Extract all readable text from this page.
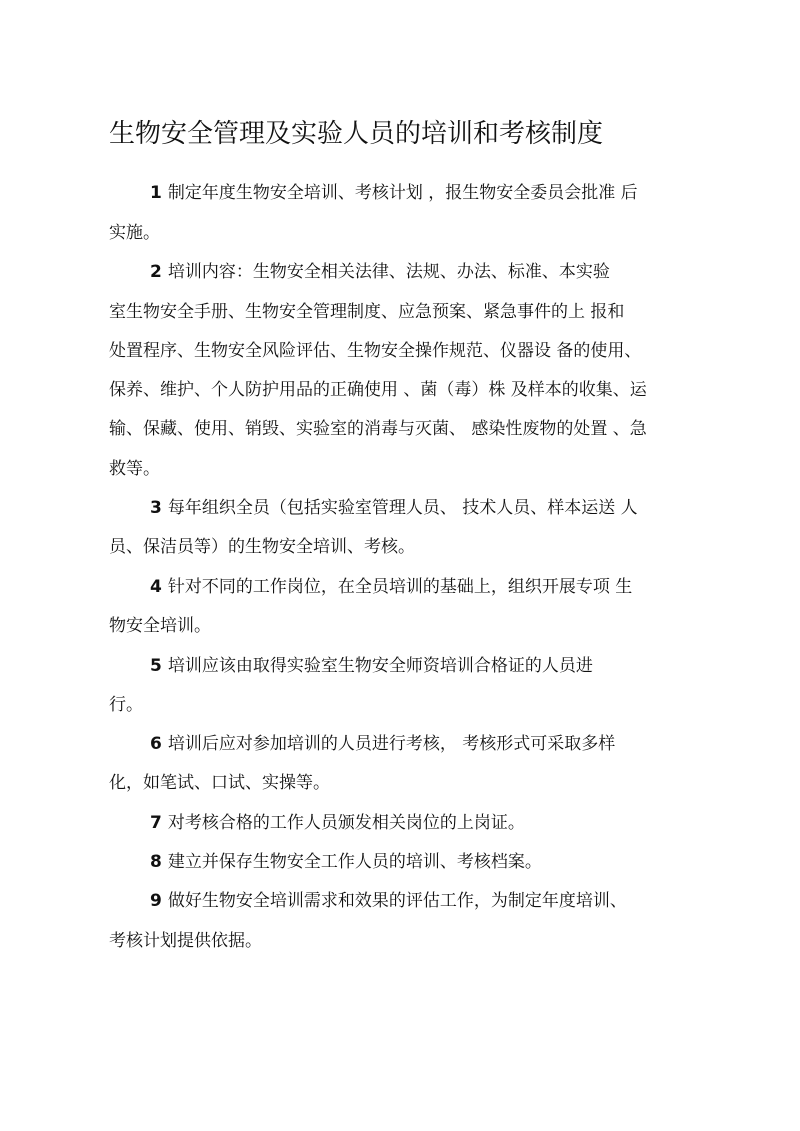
生物安全管理及实验人员的培训和考核制度
1 制定年度生物安全培训、考核计划 ，报生物安全委员会批准 后
实施。
2 培训内容：生物安全相关法律、法规、办法、标准、本实验
室生物安全手册、生物安全管理制度、应急预案、紧急事件的上 报和
处置程序、生物安全风险评估、生物安全操作规范、仪器设 备的使用、
保养、维护、个人防护用品的正确使用 、菌（毒）株 及样本的收集、运
输、保藏、使用、销毁、实验室的消毒与灭菌、 感染性废物的处置 、急
救等。
3 每年组织全员（包括实验室管理人员、 技术人员、样本运送 人
员、保洁员等）的生物安全培训、考核。
4 针对不同的工作岗位，在全员培训的基础上，组织开展专项 生
物安全培训。
5 培训应该由取得实验室生物安全师资培训合格证的人员进
行。
6 培训后应对参加培训的人员进行考核， 考核形式可采取多样
化，如笔试、口试、实操等。
7 对考核合格的工作人员颁发相关岗位的上岗证。
8 建立并保存生物安全工作人员的培训、考核档案。
9 做好生物安全培训需求和效果的评估工作，为制定年度培训、
考核计划提供依据。
